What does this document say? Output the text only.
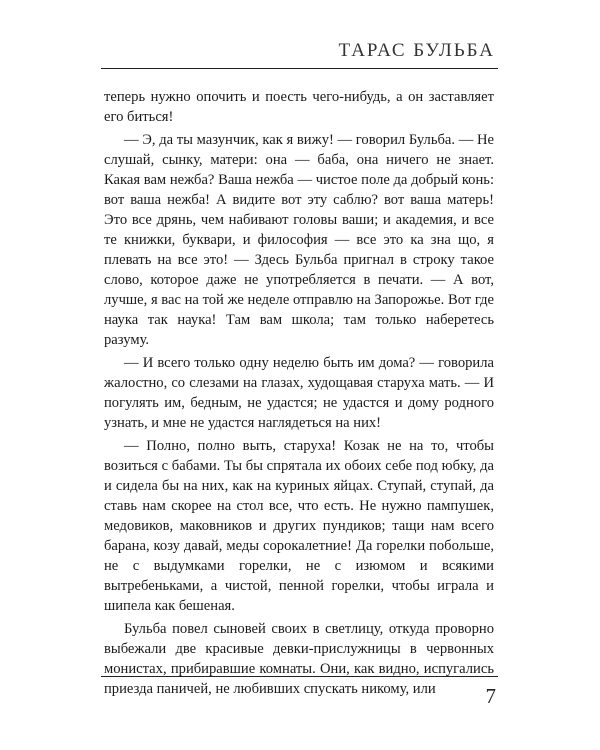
ТАРАС БУЛЬБА

теперь нужно опочить и поесть чего-нибудь, а он заставляет его биться!

— Э, да ты мазунчик, как я вижу! — говорил Бульба. — Не слушай, сынку, матери: она — баба, она ничего не знает. Какая вам нежба? Ваша нежба — чистое поле да добрый конь: вот ваша нежба! А видите вот эту саблю? вот ваша матерь! Это все дрянь, чем набивают головы ваши; и академия, и все те книжки, буквари, и философия — все это ка зна що, я плевать на все это! — Здесь Бульба пригнал в строку такое слово, которое даже не употребляется в печати. — А вот, лучше, я вас на той же неделе отправлю на Запорожье. Вот где наука так наука! Там вам школа; там только наберетесь разуму.

— И всего только одну неделю быть им дома? — говорила жалостно, со слезами на глазах, худощавая старуха мать. — И погулять им, бедным, не удастся; не удастся и дому родного узнать, и мне не удастся наглядеться на них!

— Полно, полно выть, старуха! Козак не на то, чтобы возиться с бабами. Ты бы спрятала их обоих себе под юбку, да и сидела бы на них, как на куриных яйцах. Ступай, ступай, да ставь нам скорее на стол все, что есть. Не нужно пампушек, медовиков, маковников и других пундиков; тащи нам всего барана, козу давай, меды сорокалетние! Да горелки побольше, не с выдумками горелки, не с изюмом и всякими вытребеньками, а чистой, пенной горелки, чтобы играла и шипела как бешеная.

Бульба повел сыновей своих в светлицу, откуда проворно выбежали две красивые девки-прислужницы в червонных монистах, прибиравшие комнаты. Они, как видно, испугались приезда паничей, не любивших спускать никому, или	7
